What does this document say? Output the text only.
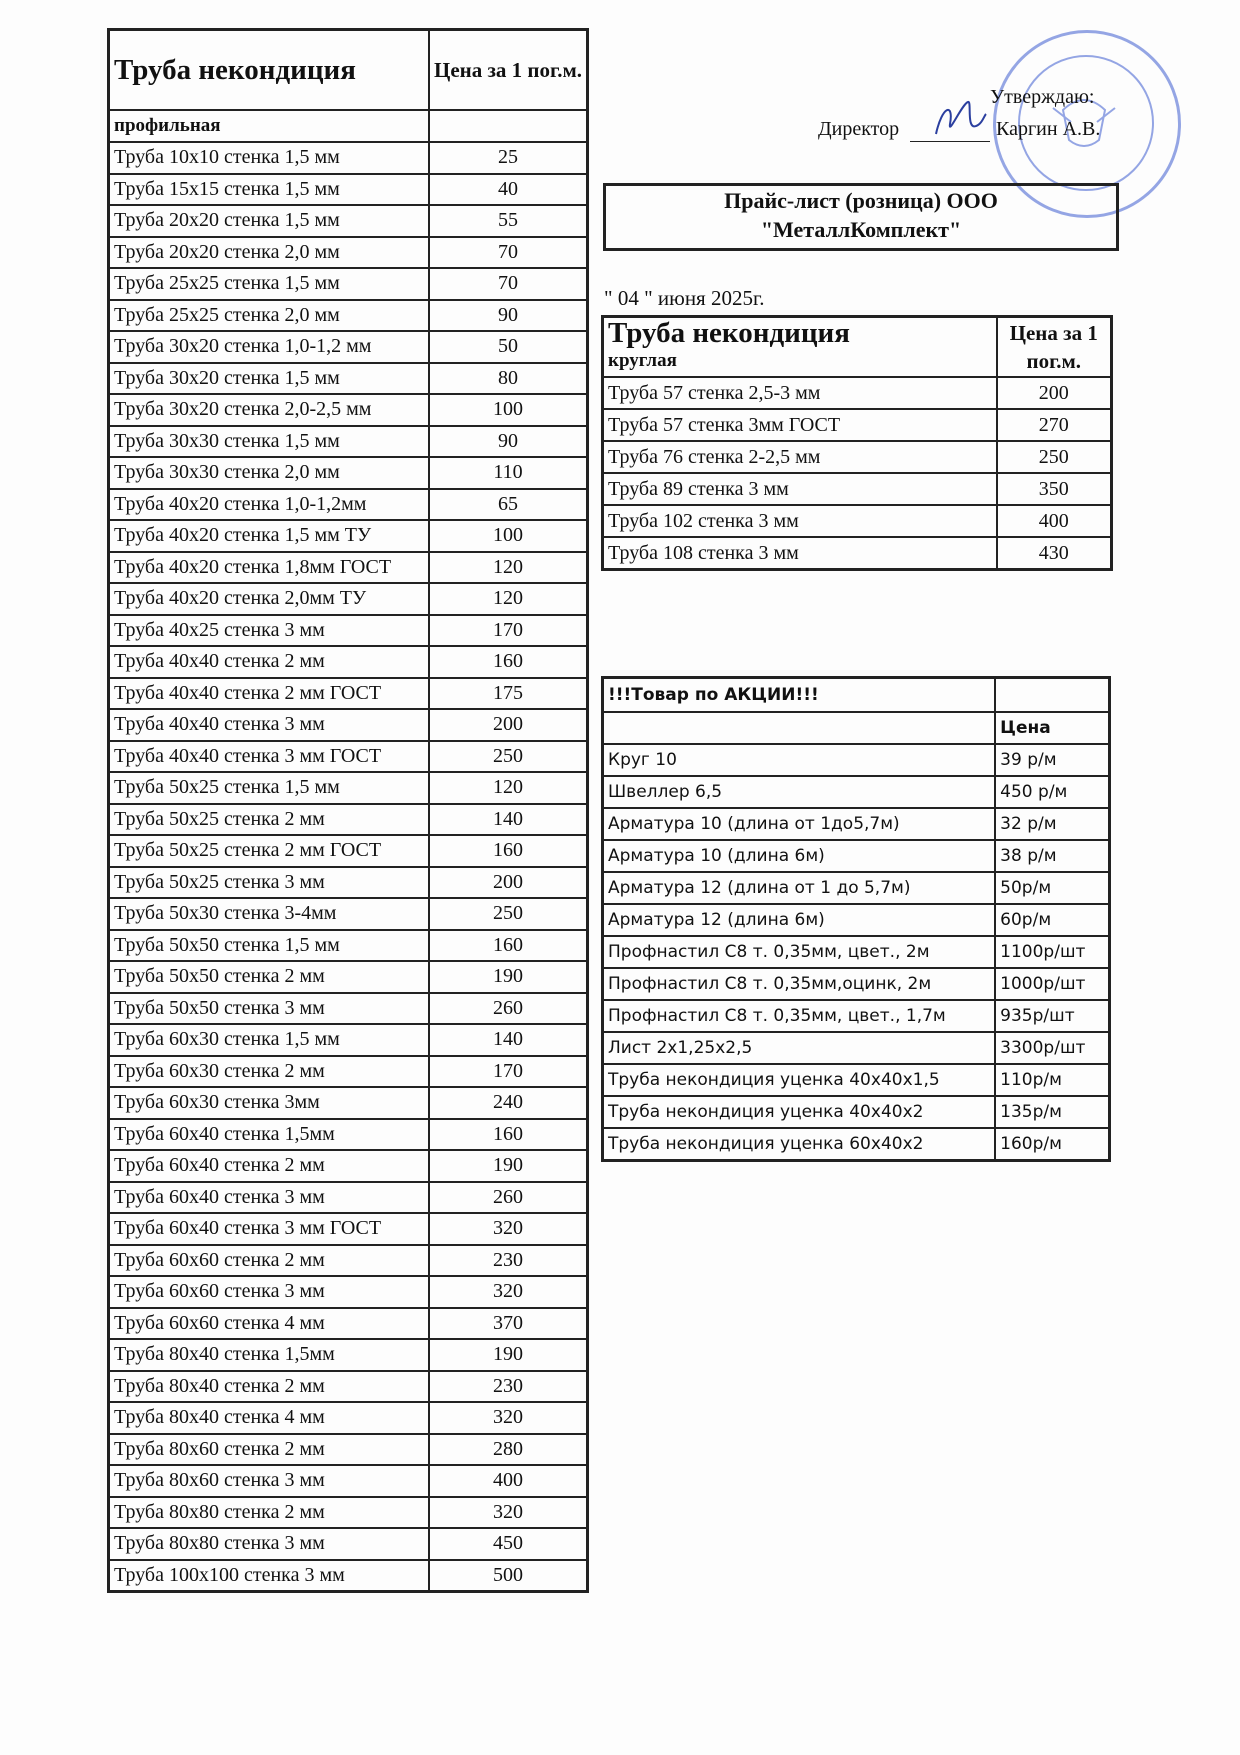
Труба некондиция	Цена за 1 пог.м.
профильная	
Труба 10х10 стенка 1,5 мм	25
Труба 15х15 стенка 1,5 мм	40
Труба 20х20 стенка 1,5 мм	55
Труба 20х20 стенка 2,0 мм	70
Труба 25х25 стенка 1,5 мм	70
Труба 25х25 стенка 2,0 мм	90
Труба 30х20 стенка 1,0-1,2 мм	50
Труба 30х20 стенка 1,5 мм	80
Труба 30х20 стенка 2,0-2,5 мм	100
Труба 30х30 стенка 1,5 мм	90
Труба 30х30 стенка 2,0 мм	110
Труба 40х20 стенка 1,0-1,2мм	65
Труба 40х20 стенка 1,5 мм ТУ	100
Труба 40х20 стенка 1,8мм ГОСТ	120
Труба 40х20 стенка 2,0мм ТУ	120
Труба 40х25 стенка 3 мм	170
Труба 40х40 стенка 2 мм	160
Труба 40х40 стенка 2 мм ГОСТ	175
Труба 40х40 стенка 3 мм	200
Труба 40х40 стенка 3 мм ГОСТ	250
Труба 50х25 стенка 1,5 мм	120
Труба 50х25 стенка 2 мм	140
Труба 50х25 стенка 2 мм ГОСТ	160
Труба 50х25 стенка 3 мм	200
Труба 50х30 стенка 3-4мм	250
Труба 50х50 стенка 1,5 мм	160
Труба 50х50 стенка 2 мм	190
Труба 50х50 стенка 3 мм	260
Труба 60х30 стенка 1,5 мм	140
Труба 60х30 стенка 2 мм	170
Труба 60х30 стенка 3мм	240
Труба 60х40 стенка 1,5мм	160
Труба 60х40 стенка 2 мм	190
Труба 60х40 стенка 3 мм	260
Труба 60х40 стенка 3 мм ГОСТ	320
Труба 60х60 стенка 2 мм	230
Труба 60х60 стенка 3 мм	320
Труба 60х60 стенка 4 мм	370
Труба 80х40 стенка 1,5мм	190
Труба 80х40 стенка 2 мм	230
Труба 80х40 стенка 4 мм	320
Труба 80х60 стенка 2 мм	280
Труба 80х60 стенка 3 мм	400
Труба 80х80 стенка 2 мм	320
Труба 80х80 стенка 3 мм	450
Труба 100х100 стенка 3 мм	500
Утверждаю:
Директор	Каргин А.В.
Прайс-лист (розница) ООО
"МеталлКомплект"
" 04 " июня 2025г.
Труба некондиция
круглая	Цена за 1 пог.м.
Труба 57 стенка 2,5-3 мм	200
Труба 57 стенка 3мм ГОСТ	270
Труба 76 стенка 2-2,5 мм	250
Труба 89 стенка 3 мм	350
Труба 102 стенка 3 мм	400
Труба 108 стенка 3 мм	430
!!!Товар по АКЦИИ!!!	
	Цена
Круг 10	39 р/м
Швеллер 6,5	450 р/м
Арматура 10 (длина от 1до5,7м)	32 р/м
Арматура 10 (длина 6м)	38 р/м
Арматура 12 (длина от 1 до 5,7м)	50р/м
Арматура 12 (длина 6м)	60р/м
Профнастил С8 т. 0,35мм, цвет., 2м	1100р/шт
Профнастил С8 т. 0,35мм,оцинк, 2м	1000р/шт
Профнастил С8 т. 0,35мм, цвет., 1,7м	935р/шт
Лист 2х1,25х2,5	3300р/шт
Труба некондиция уценка 40х40х1,5	110р/м
Труба некондиция уценка 40х40х2	135р/м
Труба некондиция уценка 60х40х2	160р/м
